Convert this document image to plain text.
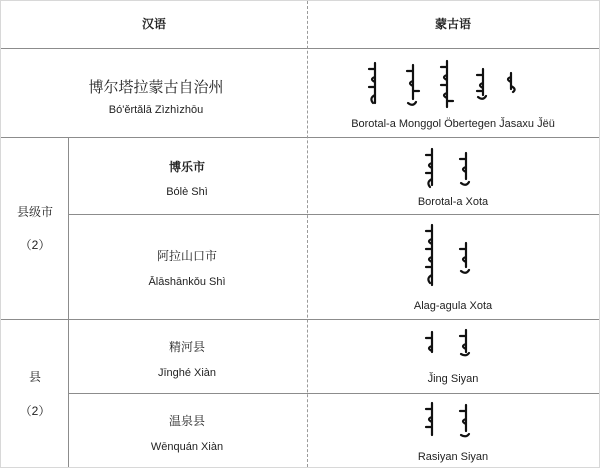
汉语	蒙古语
博尔塔拉蒙古自治州
Bó'ěrtǎlā Zìzhìzhōu
Borotal-a Monggol Öbertegen J̌asaxu J̌ëü
县级市
（2）
博乐市
Bólè Shì
Borotal-a Xota
阿拉山口市
Ālāshānkǒu Shì
Alag-agula Xota
县
（2）
精河县
Jīnghé Xiàn	J̌ing Siyan
温泉县
Wēnquán Xiàn
Rasiyan Siyan
